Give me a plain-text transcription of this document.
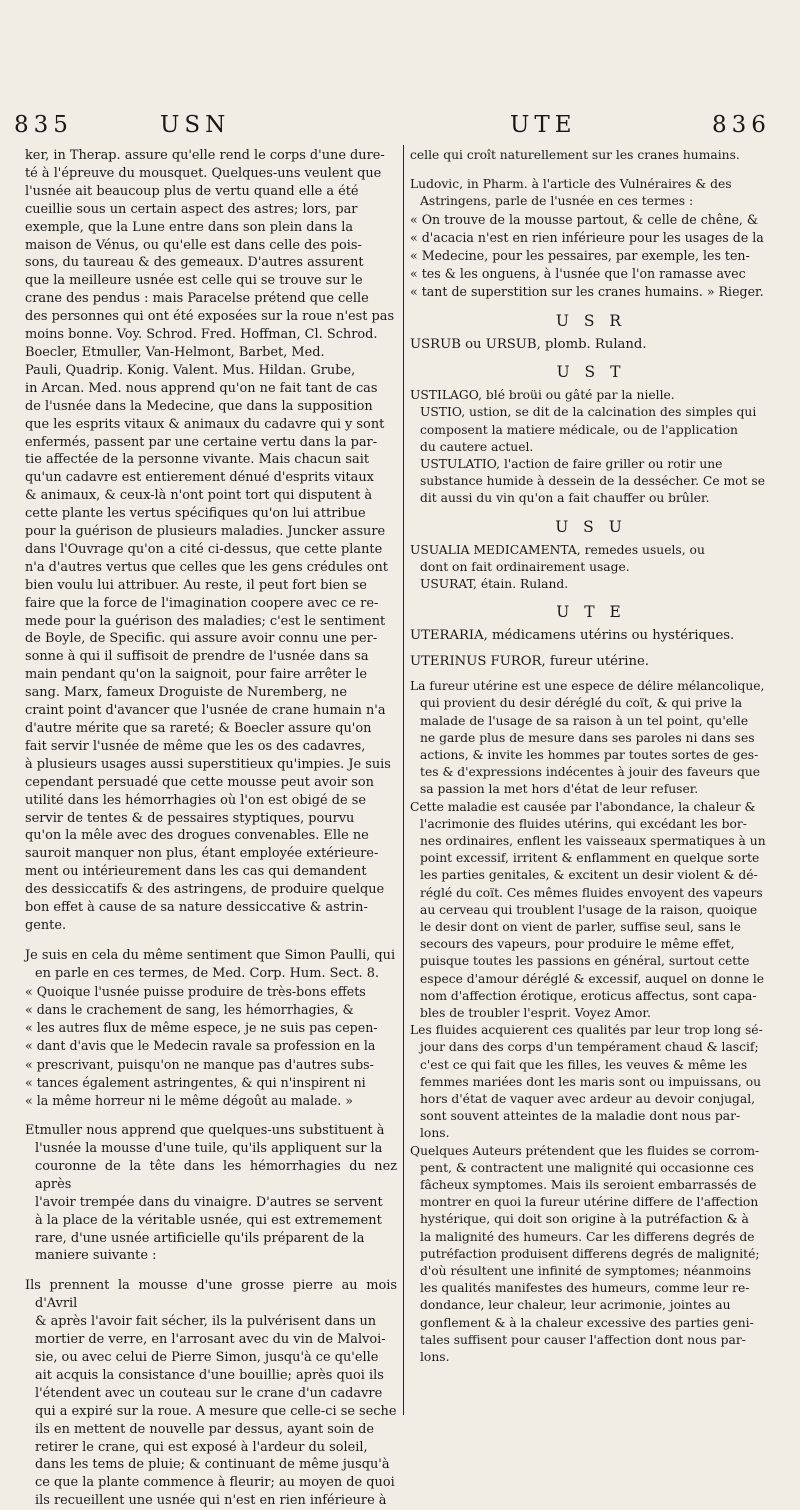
835	USN	UTE	836

ker, in Therap. assure qu'elle rend le corps d'une dure-
té à l'épreuve du mousquet. Quelques-uns veulent que
l'usnée ait beaucoup plus de vertu quand elle a été
cueillie sous un certain aspect des astres; lors, par
exemple, que la Lune entre dans son plein dans la
maison de Vénus, ou qu'elle est dans celle des pois-
sons, du taureau & des gemeaux. D'autres assurent
que la meilleure usnée est celle qui se trouve sur le
crane des pendus : mais Paracelse prétend que celle
des personnes qui ont été exposées sur la roue n'est pas
moins bonne. Voy. Schrod. Fred. Hoffman, Cl. Schrod.
Boecler, Etmuller, Van-Helmont, Barbet, Med.
Pauli, Quadrip. Konig. Valent. Mus. Hildan. Grube,
in Arcan. Med. nous apprend qu'on ne fait tant de cas
de l'usnée dans la Medecine, que dans la supposition
que les esprits vitaux & animaux du cadavre qui y sont
enfermés, passent par une certaine vertu dans la par-
tie affectée de la personne vivante. Mais chacun sait
qu'un cadavre est entierement dénué d'esprits vitaux
& animaux, & ceux-là n'ont point tort qui disputent à
cette plante les vertus spécifiques qu'on lui attribue
pour la guérison de plusieurs maladies. Juncker assure
dans l'Ouvrage qu'on a cité ci-dessus, que cette plante
n'a d'autres vertus que celles que les gens crédules ont
bien voulu lui attribuer. Au reste, il peut fort bien se
faire que la force de l'imagination coopere avec ce re-
mede pour la guérison des maladies; c'est le sentiment
de Boyle, de Specific. qui assure avoir connu une per-
sonne à qui il suffisoit de prendre de l'usnée dans sa
main pendant qu'on la saignoit, pour faire arrêter le
sang. Marx, fameux Droguiste de Nuremberg, ne
craint point d'avancer que l'usnée de crane humain n'a
d'autre mérite que sa rareté; & Boecler assure qu'on
fait servir l'usnée de même que les os des cadavres,
à plusieurs usages aussi superstitieux qu'impies. Je suis
cependant persuadé que cette mousse peut avoir son
utilité dans les hémorrhagies où l'on est obigé de se
servir de tentes & de pessaires styptiques, pourvu
qu'on la mêle avec des drogues convenables. Elle ne
sauroit manquer non plus, étant employée extérieure-
ment ou intérieurement dans les cas qui demandent
des dessiccatifs & des astringens, de produire quelque
bon effet à cause de sa nature dessiccative & astrin-
gente.

Je suis en cela du même sentiment que Simon Paulli, qui
en parle en ces termes, de Med. Corp. Hum. Sect. 8.

« Quoique l'usnée puisse produire de très-bons effets
« dans le crachement de sang, les hémorrhagies, &
« les autres flux de même espece, je ne suis pas cepen-
« dant d'avis que le Medecin ravale sa profession en la
« prescrivant, puisqu'on ne manque pas d'autres subs-
« tances également astringentes, & qui n'inspirent ni
« la même horreur ni le même dégoût au malade. »

Etmuller nous apprend que quelques-uns substituent à
l'usnée la mousse d'une tuile, qu'ils appliquent sur la
couronne de la tête dans les hémorrhagies du nez après
l'avoir trempée dans du vinaigre. D'autres se servent
à la place de la véritable usnée, qui est extremement
rare, d'une usnée artificielle qu'ils préparent de la
maniere suivante :

Ils prennent la mousse d'une grosse pierre au mois d'Avril
& après l'avoir fait sécher, ils la pulvérisent dans un
mortier de verre, en l'arrosant avec du vin de Malvoi-
sie, ou avec celui de Pierre Simon, jusqu'à ce qu'elle
ait acquis la consistance d'une bouillie; après quoi ils
l'étendent avec un couteau sur le crane d'un cadavre
qui a expiré sur la roue. A mesure que celle-ci se seche
ils en mettent de nouvelle par dessus, ayant soin de
retirer le crane, qui est exposé à l'ardeur du soleil,
dans les tems de pluie; & continuant de même jusqu'à
ce que la plante commence à fleurir; au moyen de quoi
ils recueillent une usnée qui n'est en rien inférieure à

celle qui croît naturellement sur les cranes humains.

Ludovic, in Pharm. à l'article des Vulnéraires & des
Astringens, parle de l'usnée en ces termes :

« On trouve de la mousse partout, & celle de chêne, &
« d'acacia n'est en rien inférieure pour les usages de la
« Medecine, pour les pessaires, par exemple, les ten-
« tes & les onguens, à l'usnée que l'on ramasse avec
« tant de superstition sur les cranes humains. » Rieger.

U S R

USRUB ou URSUB, plomb. Ruland.

U S T

USTILAGO, blé broüi ou gâté par la nielle.
USTIO, ustion, se dit de la calcination des simples qui
composent la matiere médicale, ou de l'application
du cautere actuel.
USTULATIO, l'action de faire griller ou rotir une
substance humide à dessein de la dessécher. Ce mot se
dit aussi du vin qu'on a fait chauffer ou brûler.

U S U

USUALIA MEDICAMENTA, remedes usuels, ou
dont on fait ordinairement usage.
USURAT, étain. Ruland.

U T E

UTERARIA, médicamens utérins ou hystériques.

UTERINUS FUROR, fureur utérine.

La fureur utérine est une espece de délire mélancolique,
qui provient du desir déréglé du coït, & qui prive la
malade de l'usage de sa raison à un tel point, qu'elle
ne garde plus de mesure dans ses paroles ni dans ses
actions, & invite les hommes par toutes sortes de ges-
tes & d'expressions indécentes à jouir des faveurs que
sa passion la met hors d'état de leur refuser.

Cette maladie est causée par l'abondance, la chaleur &
l'acrimonie des fluides utérins, qui excédant les bor-
nes ordinaires, enflent les vaisseaux spermatiques à un
point excessif, irritent & enflamment en quelque sorte
les parties genitales, & excitent un desir violent & dé-
réglé du coït. Ces mêmes fluides envoyent des vapeurs
au cerveau qui troublent l'usage de la raison, quoique
le desir dont on vient de parler, suffise seul, sans le
secours des vapeurs, pour produire le même effet,
puisque toutes les passions en général, surtout cette
espece d'amour déréglé & excessif, auquel on donne le
nom d'affection érotique, eroticus affectus, sont capa-
bles de troubler l'esprit. Voyez Amor.

Les fluides acquierent ces qualités par leur trop long sé-
jour dans des corps d'un tempérament chaud & lascif;
c'est ce qui fait que les filles, les veuves & même les
femmes mariées dont les maris sont ou impuissans, ou
hors d'état de vaquer avec ardeur au devoir conjugal,
sont souvent atteintes de la maladie dont nous par-
lons.

Quelques Auteurs prétendent que les fluides se corrom-
pent, & contractent une malignité qui occasionne ces
fâcheux symptomes. Mais ils seroient embarrassés de
montrer en quoi la fureur utérine differe de l'affection
hystérique, qui doit son origine à la putréfaction & à
la malignité des humeurs. Car les differens degrés de
putréfaction produisent differens degrés de malignité;
d'où résultent une infinité de symptomes; néanmoins
les qualités manifestes des humeurs, comme leur re-
dondance, leur chaleur, leur acrimonie, jointes au
gonflement & à la chaleur excessive des parties geni-
tales suffisent pour causer l'affection dont nous par-
lons.
